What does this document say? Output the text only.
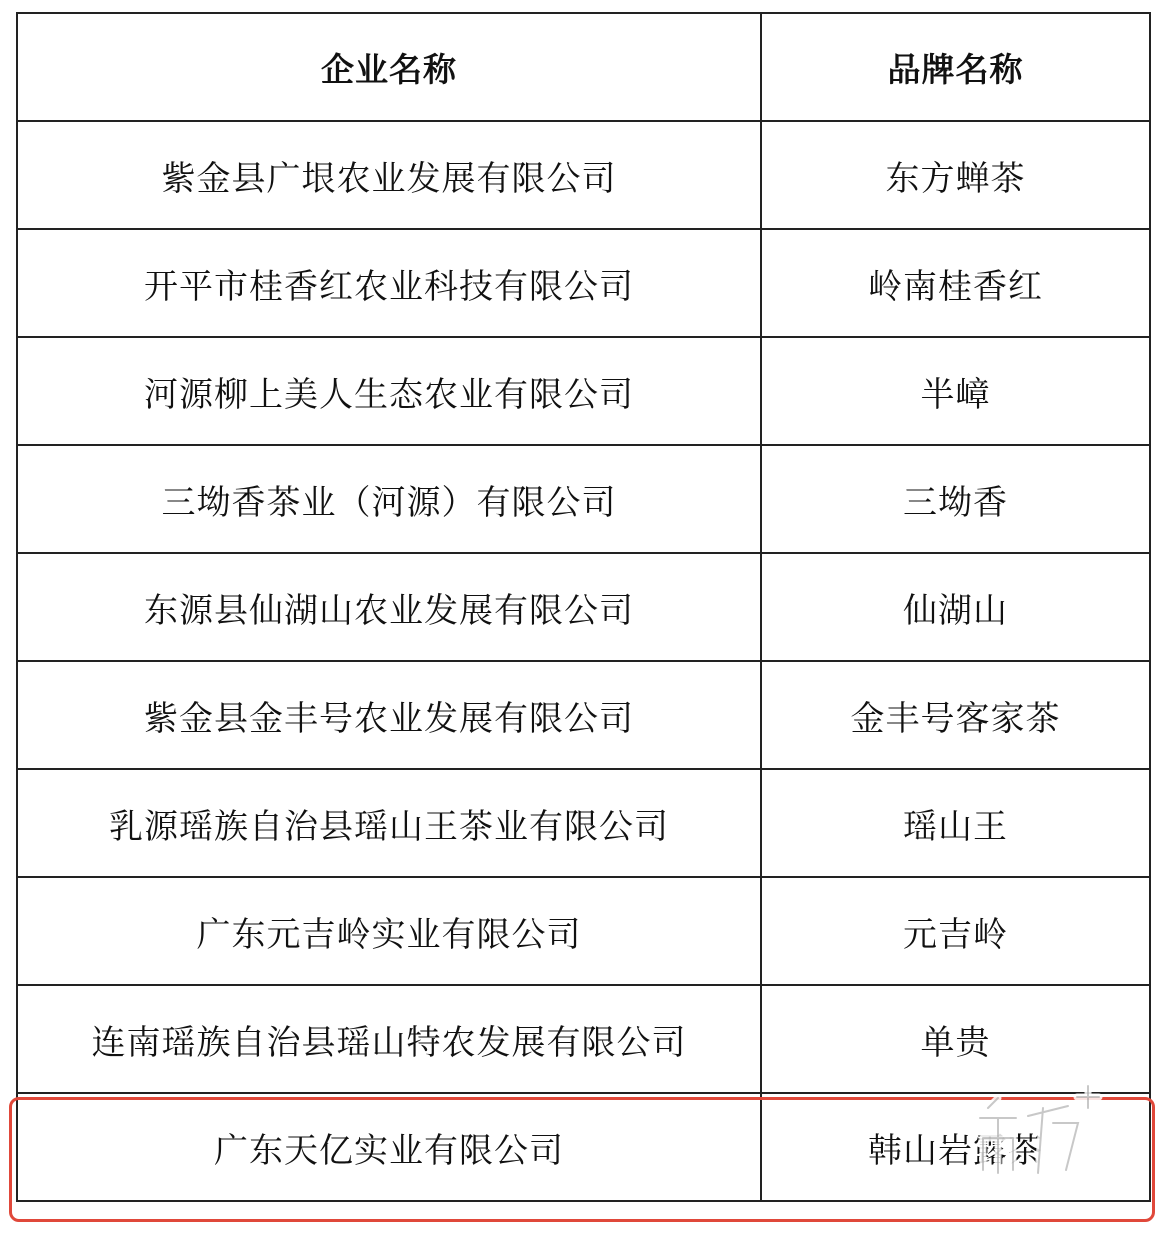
企业名称	品牌名称
紫金县广垠农业发展有限公司	东方蝉茶
开平市桂香红农业科技有限公司	岭南桂香红
河源柳上美人生态农业有限公司	半嶂
三坳香茶业（河源）有限公司	三坳香
东源县仙湖山农业发展有限公司	仙湖山
紫金县金丰号农业发展有限公司	金丰号客家茶
乳源瑶族自治县瑶山王茶业有限公司	瑶山王
广东元吉岭实业有限公司	元吉岭
连南瑶族自治县瑶山特农发展有限公司	单贵
广东天亿实业有限公司	韩山岩露茶
